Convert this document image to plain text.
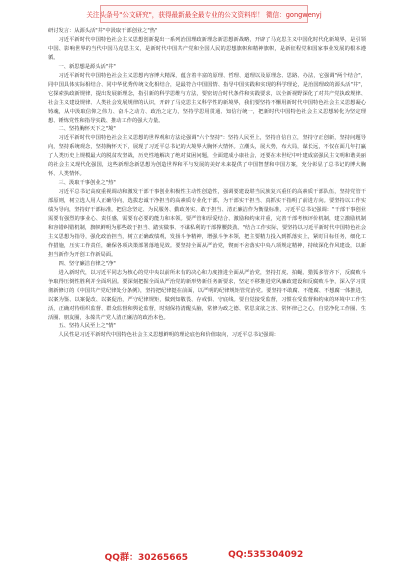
关注头条号"公文研究"，获得最新最全最专业的公文资料库！ 微信：gongwenyj

研讨发言：从源头活"井"中汲取干部创业之"热"

习近平新时代中国特色社会主义思想创新提出一系列治国理政新理念新思想新战略，开辟了马克思主义中国化时代化新境界，是引领中国、影响世界的当代中国马克思主义，是新时代中国共产党和全国人民的思想旗帜和精神旗帜，是新征程党和国家事业发展的根本遵循。

一、新思想是源头活"井"

习近平新时代中国特色社会主义思想内容博大精深，蕴含着丰富的原理、哲理、道理以及原理念、思路、办法，它强调"两个结合"，同中国具体实际相结合、同中华优秀传统文化相结合，是最符合中国国情、指导中国实践和实现的科学理论，是治国理政的源头活"井"，它探索执政新规律，提出发展新理念，指引新的科学思维与方法，要密切合时代条件和实践要求，以全新视野深化了对共产党执政规律、社会主义建设规律、人类社会发展规律的认识，开辟了马克思主义科学性的新境界，我们要坚持不懈用新时代中国特色社会主义思想凝心铸魂，从中汲取信仰之伟力、奋斗之动力、政治之定力，坚持学思用贯通、知信行统一，把新时代中国特色社会主义思想转化为坚定理想、锤炼党性和指导实践、推动工作的强大力量。

二、坚持胸怀天下之"境"

习近平新时代中国特色社会主义思想的世界观和方法论强调"六个坚持"：坚持人民至上，坚持自信自立，坚持守正创新，坚持问题导向，坚持系统观念，坚持胸怀天下，展现了习近平总书记的大境界大胸怀大情怀。立潮头，展大势，布大局，谋长远，不仅在面几年打赢了人类历史上规模最大的脱贫攻坚战，历史性地解决了绝对贫困问题，全面建成小康社会，还要在未世纪中叶建成富强民主文明和谐美丽的社会主义现代化强国，这些新理念新思想为创造世界和平与发展的美好未来提供了中国智慧和中国方案，充分彰显了总书记的博大胸怀、人类情怀。

三、汲取干事创业之"热"

习近平总书记高度重视调动和激发干部干事创业积极性主动性创造性，强调要建设堪当民族复兴重任的高素质干部队伍，坚持党管干部原则，树立选人用人正确导向，选拔忠诚干净担当的高素质专业化干部，为干部实干担当、真抓实干指明了前进方向。要坚持以工作实绩为导向，坚持好干部标准，把信念坚定、为民服务、勤政务实、敢于担当、清正廉洁作为衡量标准，习近平总书记强调："干部干事创业需要有强烈的事业心、责任感，需要有必要的能力和本领。要严管和厚爱结合、激励和约束并重，完善干部考核评价机制，建立激励机制和容错纠错机制，旗帜鲜明为那些敢于担当、踏实做事、不谋私利的干部撑腰鼓劲。"结合工作实际，要坚持以习近平新时代中国特色社会主义思想为指导，强化政治担当，树立正确政绩观，发扬斗争精神，增强斗争本领，把主要精力投入到抓落实上，紧盯目标任务，细化工作措施，压实工作责任，确保各项决策部署落地见效。要坚持全面从严治党，锲而不舍落实中央八项规定精神，持续深化作风建设，以新担当新作为开创工作新局面。

四、坚守廉洁自律之"净"

进入新时代，以习近平同志为核心的党中央以前所未有的决心和力度推进全面从严治党，坚持打虎、拍蝇、猎狐多管齐下，反腐败斗争取得压倒性胜利并全面巩固。要深刻把握全面从严治党的新形势新任务新要求，坚定不移推进党风廉政建设和反腐败斗争，深入学习贯彻新修订的《中国共产党纪律处分条例》，坚持把纪律挺在前面，以严明的纪律规矩管党治党。要坚持不敢腐、不能腐、不想腐一体推进，以案为鉴、以案促改、以案促治，严守纪律规矩，做到知敬畏、存戒惧、守底线。要自觉接受监督，习惯在受监督和约束的环境中工作生活，正确对待组织监督、群众监督和舆论监督，时刻保持清醒头脑，常修为政之德、常思贪欲之害、常怀律己之心，自觉净化工作圈、生活圈、朋友圈，永葆共产党人清正廉洁的政治本色。

五、坚持人民至上之"情"

人民性是习近平新时代中国特色社会主义思想鲜明的理论底色和价值取向，习近平总书记强调：

QQ群：30265665	QQ:535304092
